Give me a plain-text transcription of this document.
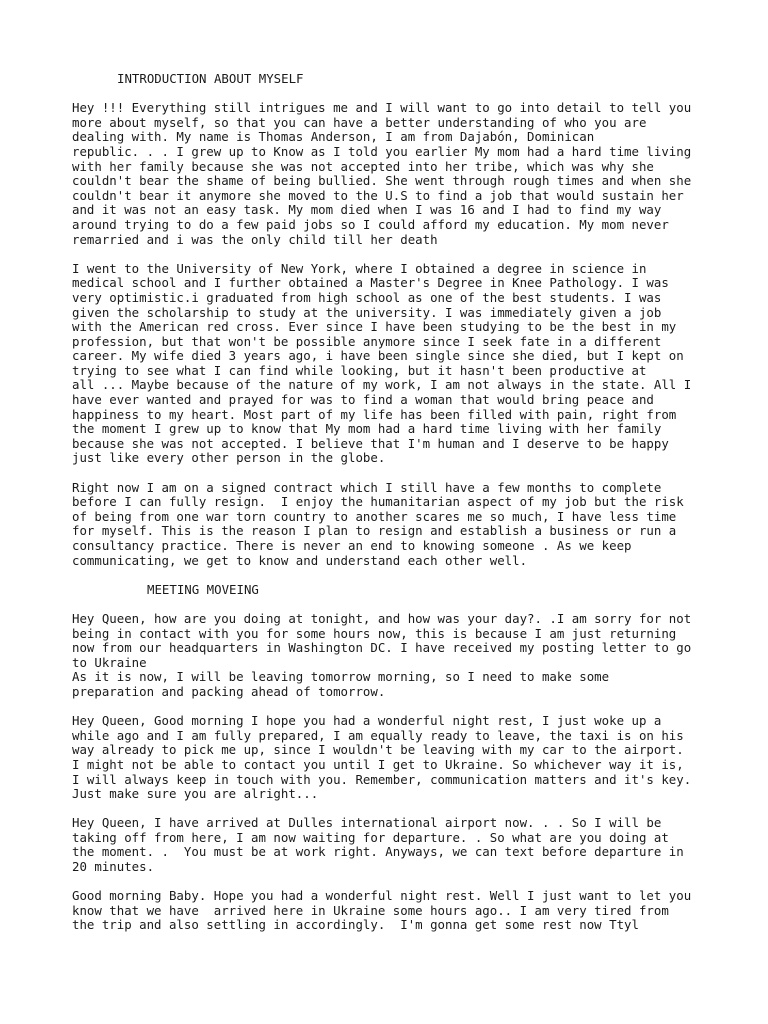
INTRODUCTION ABOUT MYSELF
Hey !!! Everything still intrigues me and I will want to go into detail to tell you
more about myself, so that you can have a better understanding of who you are
dealing with. My name is Thomas Anderson, I am from Dajabón, Dominican
republic. . . I grew up to Know as I told you earlier My mom had a hard time living
with her family because she was not accepted into her tribe, which was why she
couldn't bear the shame of being bullied. She went through rough times and when she
couldn't bear it anymore she moved to the U.S to find a job that would sustain her
and it was not an easy task. My mom died when I was 16 and I had to find my way
around trying to do a few paid jobs so I could afford my education. My mom never
remarried and i was the only child till her death
I went to the University of New York, where I obtained a degree in science in
medical school and I further obtained a Master's Degree in Knee Pathology. I was
very optimistic.i graduated from high school as one of the best students. I was
given the scholarship to study at the university. I was immediately given a job
with the American red cross. Ever since I have been studying to be the best in my
profession, but that won't be possible anymore since I seek fate in a different
career. My wife died 3 years ago, i have been single since she died, but I kept on
trying to see what I can find while looking, but it hasn't been productive at
all ... Maybe because of the nature of my work, I am not always in the state. All I
have ever wanted and prayed for was to find a woman that would bring peace and
happiness to my heart. Most part of my life has been filled with pain, right from
the moment I grew up to know that My mom had a hard time living with her family
because she was not accepted. I believe that I'm human and I deserve to be happy
just like every other person in the globe.
Right now I am on a signed contract which I still have a few months to complete
before I can fully resign.  I enjoy the humanitarian aspect of my job but the risk
of being from one war torn country to another scares me so much, I have less time
for myself. This is the reason I plan to resign and establish a business or run a
consultancy practice. There is never an end to knowing someone . As we keep
communicating, we get to know and understand each other well.
MEETING MOVEING
Hey Queen, how are you doing at tonight, and how was your day?. .I am sorry for not
being in contact with you for some hours now, this is because I am just returning
now from our headquarters in Washington DC. I have received my posting letter to go
to Ukraine
As it is now, I will be leaving tomorrow morning, so I need to make some
preparation and packing ahead of tomorrow.
Hey Queen, Good morning I hope you had a wonderful night rest, I just woke up a
while ago and I am fully prepared, I am equally ready to leave, the taxi is on his
way already to pick me up, since I wouldn't be leaving with my car to the airport.
I might not be able to contact you until I get to Ukraine. So whichever way it is,
I will always keep in touch with you. Remember, communication matters and it's key.
Just make sure you are alright...
Hey Queen, I have arrived at Dulles international airport now. . . So I will be
taking off from here, I am now waiting for departure. . So what are you doing at
the moment. .  You must be at work right. Anyways, we can text before departure in
20 minutes.
Good morning Baby. Hope you had a wonderful night rest. Well I just want to let you
know that we have  arrived here in Ukraine some hours ago.. I am very tired from
the trip and also settling in accordingly.  I'm gonna get some rest now Ttyl
